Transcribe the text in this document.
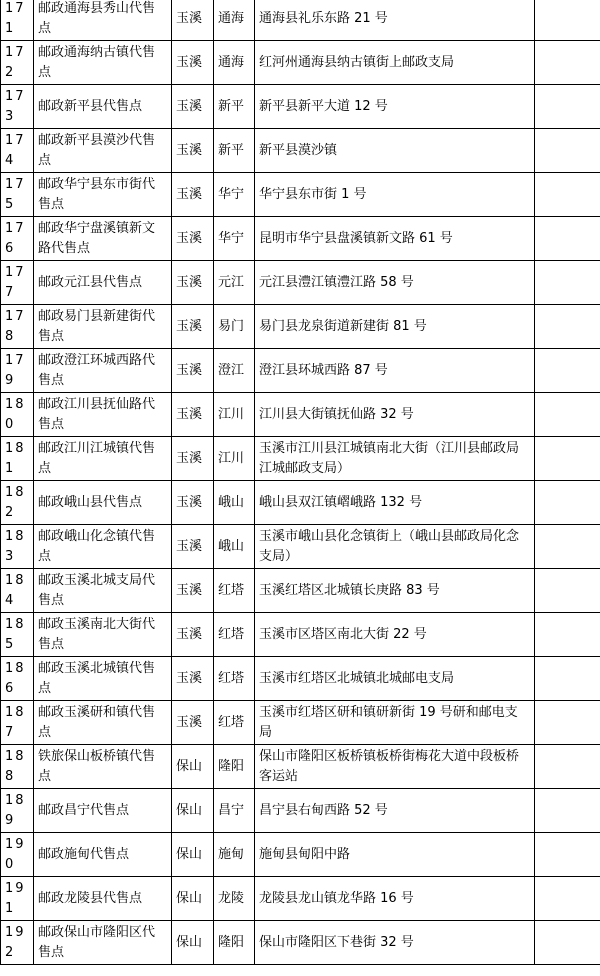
171	邮政通海县秀山代售点	玉溪	通海	通海县礼乐东路 21 号	
172	邮政通海纳古镇代售点	玉溪	通海	红河州通海县纳古镇街上邮政支局	
173	邮政新平县代售点	玉溪	新平	新平县新平大道 12 号	
174	邮政新平县漠沙代售点	玉溪	新平	新平县漠沙镇	
175	邮政华宁县东市街代售点	玉溪	华宁	华宁县东市街 1 号	
176	邮政华宁盘溪镇新文路代售点	玉溪	华宁	昆明市华宁县盘溪镇新文路 61 号	
177	邮政元江县代售点	玉溪	元江	元江县澧江镇澧江路 58 号	
178	邮政易门县新建街代售点	玉溪	易门	易门县龙泉街道新建街 81 号	
179	邮政澄江环城西路代售点	玉溪	澄江	澄江县环城西路 87 号	
180	邮政江川县抚仙路代售点	玉溪	江川	江川县大街镇抚仙路 32 号	
181	邮政江川江城镇代售点	玉溪	江川	玉溪市江川县江城镇南北大街（江川县邮政局江城邮政支局）	
182	邮政峨山县代售点	玉溪	峨山	峨山县双江镇嶍峨路 132 号	
183	邮政峨山化念镇代售点	玉溪	峨山	玉溪市峨山县化念镇街上（峨山县邮政局化念支局）	
184	邮政玉溪北城支局代售点	玉溪	红塔	玉溪红塔区北城镇长庚路 83 号	
185	邮政玉溪南北大街代售点	玉溪	红塔	玉溪市区塔区南北大街 22 号	
186	邮政玉溪北城镇代售点	玉溪	红塔	玉溪市红塔区北城镇北城邮电支局	
187	邮政玉溪研和镇代售点	玉溪	红塔	玉溪市红塔区研和镇研新街 19 号研和邮电支局	
188	铁旅保山板桥镇代售点	保山	隆阳	保山市隆阳区板桥镇板桥街梅花大道中段板桥客运站	
189	邮政昌宁代售点	保山	昌宁	昌宁县右甸西路 52 号	
190	邮政施甸代售点	保山	施甸	施甸县甸阳中路	
191	邮政龙陵县代售点	保山	龙陵	龙陵县龙山镇龙华路 16 号	
192	邮政保山市隆阳区代售点	保山	隆阳	保山市隆阳区下巷街 32 号	
